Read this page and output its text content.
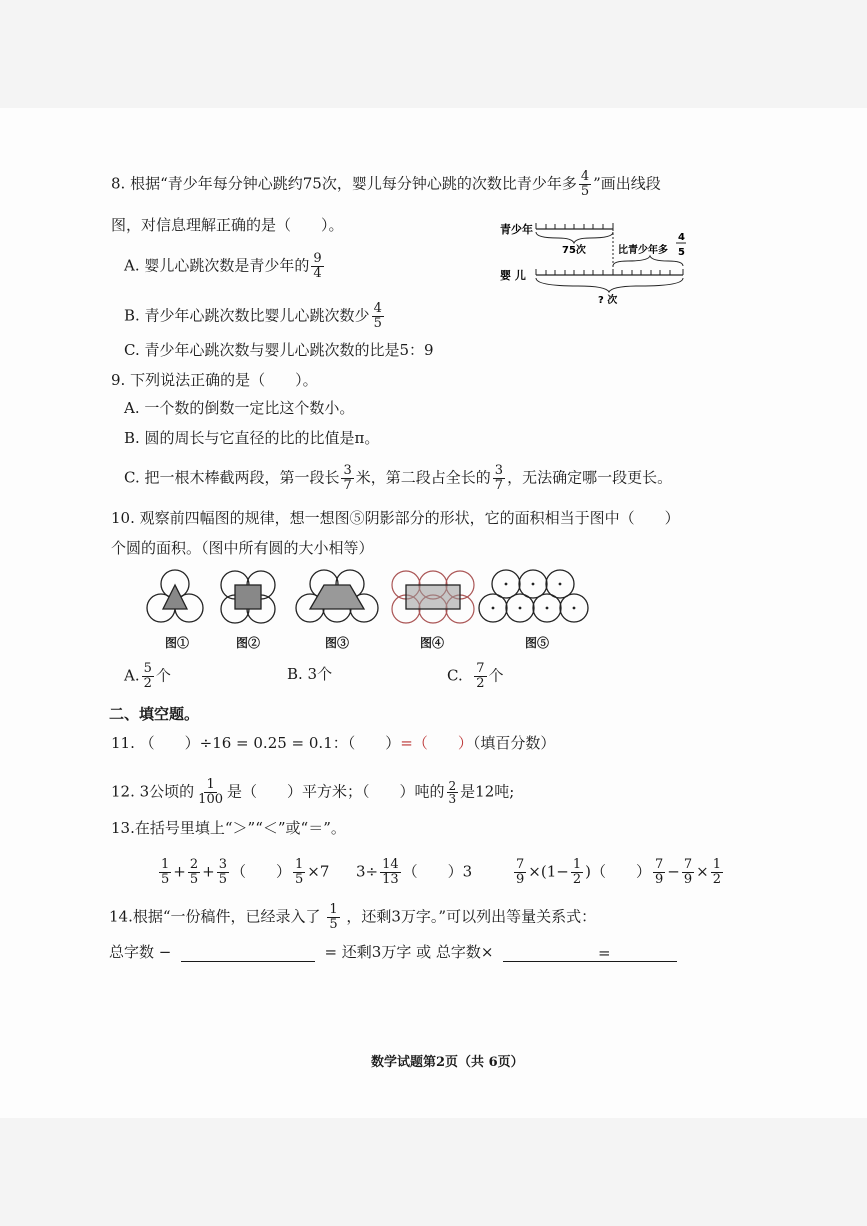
8. 根据“青少年每分钟心跳约75次，婴儿每分钟心跳的次数比青少年多 $\frac{4}{5}$ ”画出线段
图，对信息理解正确的是（　　）。
A. 婴儿心跳次数是青少年的 $\frac{9}{4}$
B. 青少年心跳次数比婴儿心跳次数少 $\frac{4}{5}$
C. 青少年心跳次数与婴儿心跳次数的比是5：9
青少年
75次	比青少年多
4
5
婴 儿
? 次
9. 下列说法正确的是（　　）。
A. 一个数的倒数一定比这个数小。
B. 圆的周长与它直径的比的比值是π。
C. 把一根木棒截两段，第一段长 $\frac{3}{7}$ 米，第二段占全长的 $\frac{3}{7}$ ，无法确定哪一段更长。
10. 观察前四幅图的规律，想一想图⑤阴影部分的形状，它的面积相当于图中（　　）
个圆的面积。（图中所有圆的大小相等）
图①	图②	图③	图④	图⑤
A. $\frac{5}{2}$ 个	B. 3个	C. $\frac{7}{2}$ 个
二、填空题。
11. （　　）÷16 = 0.25 = 0.1：（　　）=（　　）（填百分数）
12. 3公顷的 $\frac{1}{100}$ 是（　　）平方米；（　　）吨的 $\frac{2}{3}$ 是12吨;
13.在括号里填上“＞”“＜”或“＝”。
$\frac{1}{5} + \frac{2}{5} + \frac{3}{5}$ （　　） $\frac{1}{5} \times 7$ $3\div \frac{14}{13}$ （　　）3	$\frac{7}{9} \times(1- \frac{1}{2}$ )（　　） $\frac{7}{9} - \frac{7}{9} \times \frac{1}{2}$
14.根据“一份稿件，已经录入了 $\frac{1}{5}$ ，还剩3万字。”可以列出等量关系式：
总字数 −	= 还剩3万字 或 总字数×	=
数学试题第2页（共 6页）
